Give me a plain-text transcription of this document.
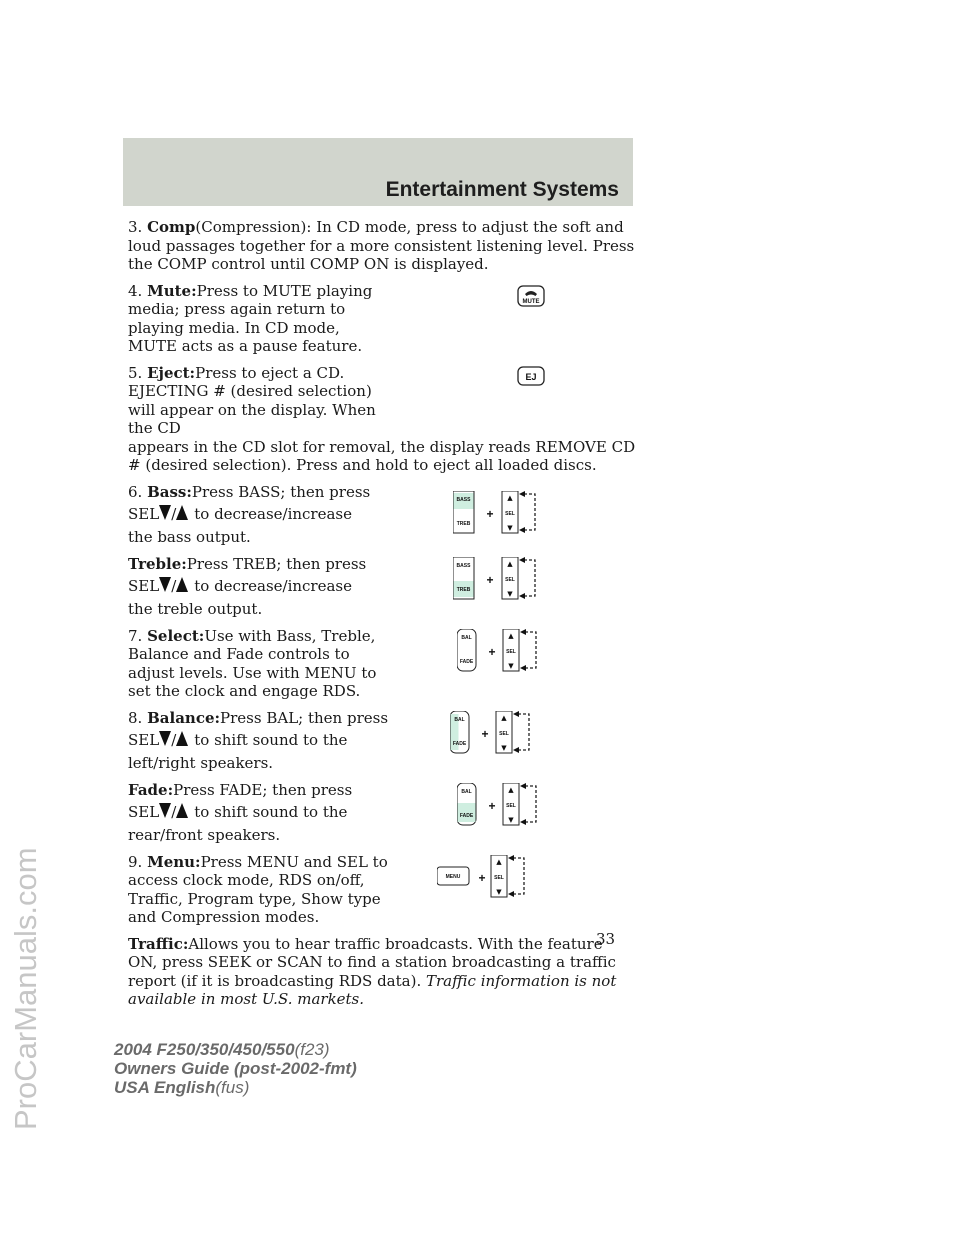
Entertainment Systems

3. Comp(Compression): In CD mode, press to adjust the soft and loud passages together for a more consistent listening level. Press the COMP control until COMP ON is displayed.

4. Mute:Press to MUTE playing media; press again return to playing media. In CD mode, MUTE acts as a pause feature.
MUTE
5. Eject:Press to eject a CD. EJECTING # (desired selection) will appear on the display. When the CD
EJ

appears in the CD slot for removal, the display reads REMOVE CD # (desired selection). Press and hold to eject all loaded discs.

6. Bass:Press BASS; then press
SEL / to decrease/increase
the bass output.
BASS
TREB
+
▲
SEL
▼
Treble:Press TREB; then press
SEL / to decrease/increase
the treble output.
BASS
TREB
+
▲
SEL
▼
7. Select:Use with Bass, Treble, Balance and Fade controls to adjust levels. Use with MENU to set the clock and engage RDS.
BAL
FADE
+
▲
SEL
▼
8. Balance:Press BAL; then press
SEL / to shift sound to the
left/right speakers.
BAL
FADE
+
▲
SEL
▼
Fade:Press FADE; then press
SEL / to shift sound to the
rear/front speakers.
BAL
FADE
+
▲
SEL
▼
9. Menu:Press MENU and SEL to access clock mode, RDS on/off, Traffic, Program type, Show type and Compression modes.
MENU +
▲
SEL
▼

Traffic:Allows you to hear traffic broadcasts. With the feature ON, press SEEK or SCAN to find a station broadcasting a traffic report (if it is broadcasting RDS data). Traffic information is not available in most U.S. markets.

33
2004 F250/350/450/550(f23)
Owners Guide (post-2002-fmt)
USA English(fus)
ProCarManuals.com
